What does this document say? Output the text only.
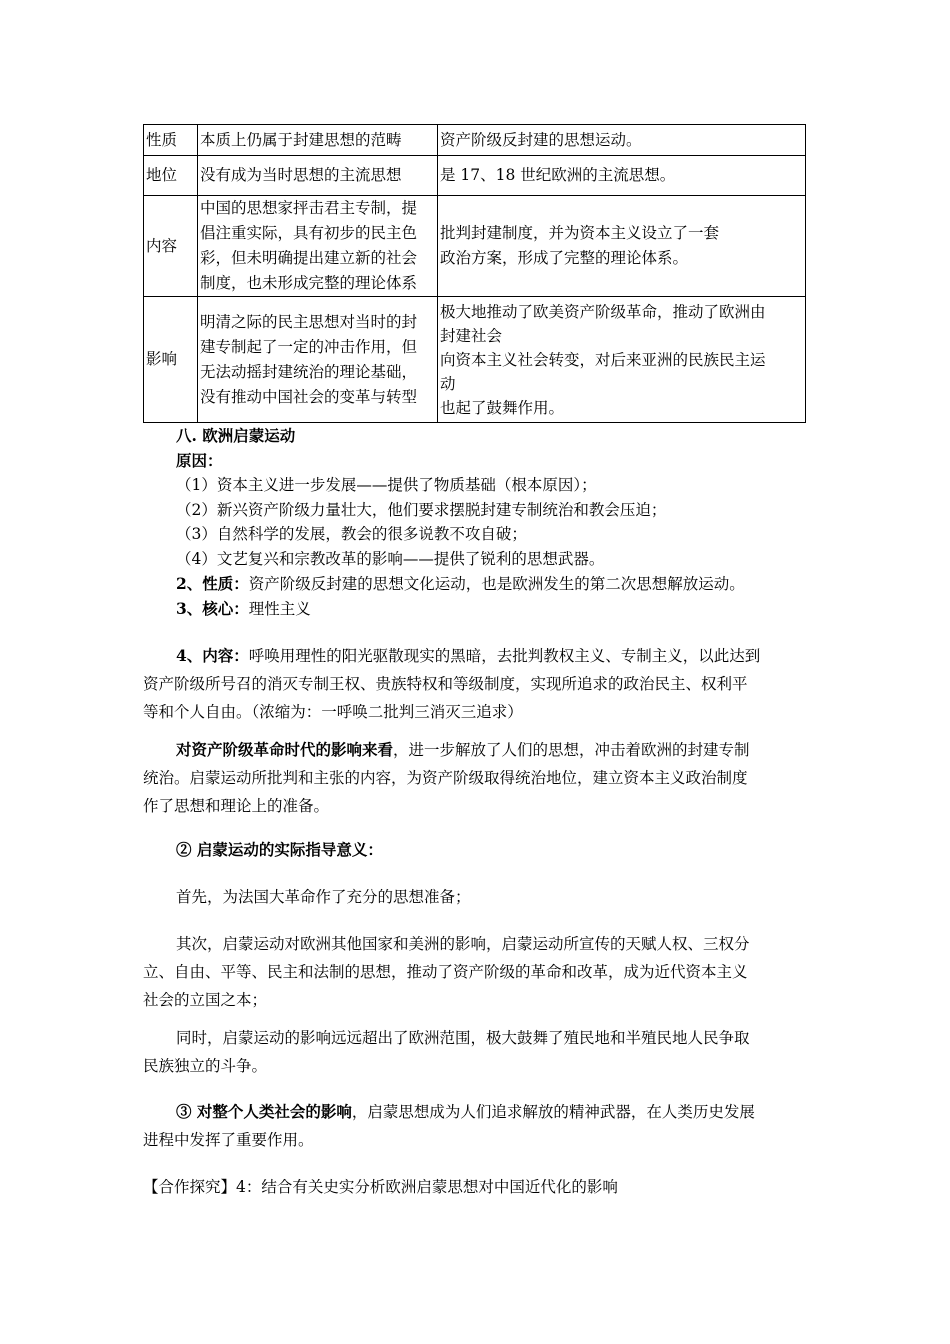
性质	本质上仍属于封建思想的范畴	资产阶级反封建的思想运动。

地位	没有成为当时思想的主流思想	是 17、18 世纪欧洲的主流思想。

内容	中国的思想家抨击君主专制，提
倡注重实际，具有初步的民主色
彩，但未明确提出建立新的社会
制度，也未形成完整的理论体系	批判封建制度，并为资本主义设立了一套
政治方案，形成了完整的理论体系。

影响	明清之际的民主思想对当时的封
建专制起了一定的冲击作用，但
无法动摇封建统治的理论基础，
没有推动中国社会的变革与转型	极大地推动了欧美资产阶级革命，推动了欧洲由
封建社会
向资本主义社会转变，对后来亚洲的民族民主运
动
也起了鼓舞作用。
八. 欧洲启蒙运动
原因：
（1）资本主义进一步发展——提供了物质基础（根本原因）；
（2）新兴资产阶级力量壮大，他们要求摆脱封建专制统治和教会压迫；
（3）自然科学的发展，教会的很多说教不攻自破；
（4）文艺复兴和宗教改革的影响——提供了锐利的思想武器。
2、性质：资产阶级反封建的思想文化运动，也是欧洲发生的第二次思想解放运动。
3、核心：理性主义
4、内容：呼唤用理性的阳光驱散现实的黑暗，去批判教权主义、专制主义，以此达到
资产阶级所号召的消灭专制王权、贵族特权和等级制度，实现所追求的政治民主、权利平
等和个人自由。（浓缩为：一呼唤二批判三消灭三追求）
对资产阶级革命时代的影响来看，进一步解放了人们的思想，冲击着欧洲的封建专制
统治。启蒙运动所批判和主张的内容，为资产阶级取得统治地位，建立资本主义政治制度
作了思想和理论上的准备。
② 启蒙运动的实际指导意义：
首先，为法国大革命作了充分的思想准备；
其次，启蒙运动对欧洲其他国家和美洲的影响，启蒙运动所宣传的天赋人权、三权分
立、自由、平等、民主和法制的思想，推动了资产阶级的革命和改革，成为近代资本主义
社会的立国之本；
同时，启蒙运动的影响远远超出了欧洲范围，极大鼓舞了殖民地和半殖民地人民争取
民族独立的斗争。
③ 对整个人类社会的影响，启蒙思想成为人们追求解放的精神武器，在人类历史发展
进程中发挥了重要作用。
【合作探究】4：结合有关史实分析欧洲启蒙思想对中国近代化的影响
